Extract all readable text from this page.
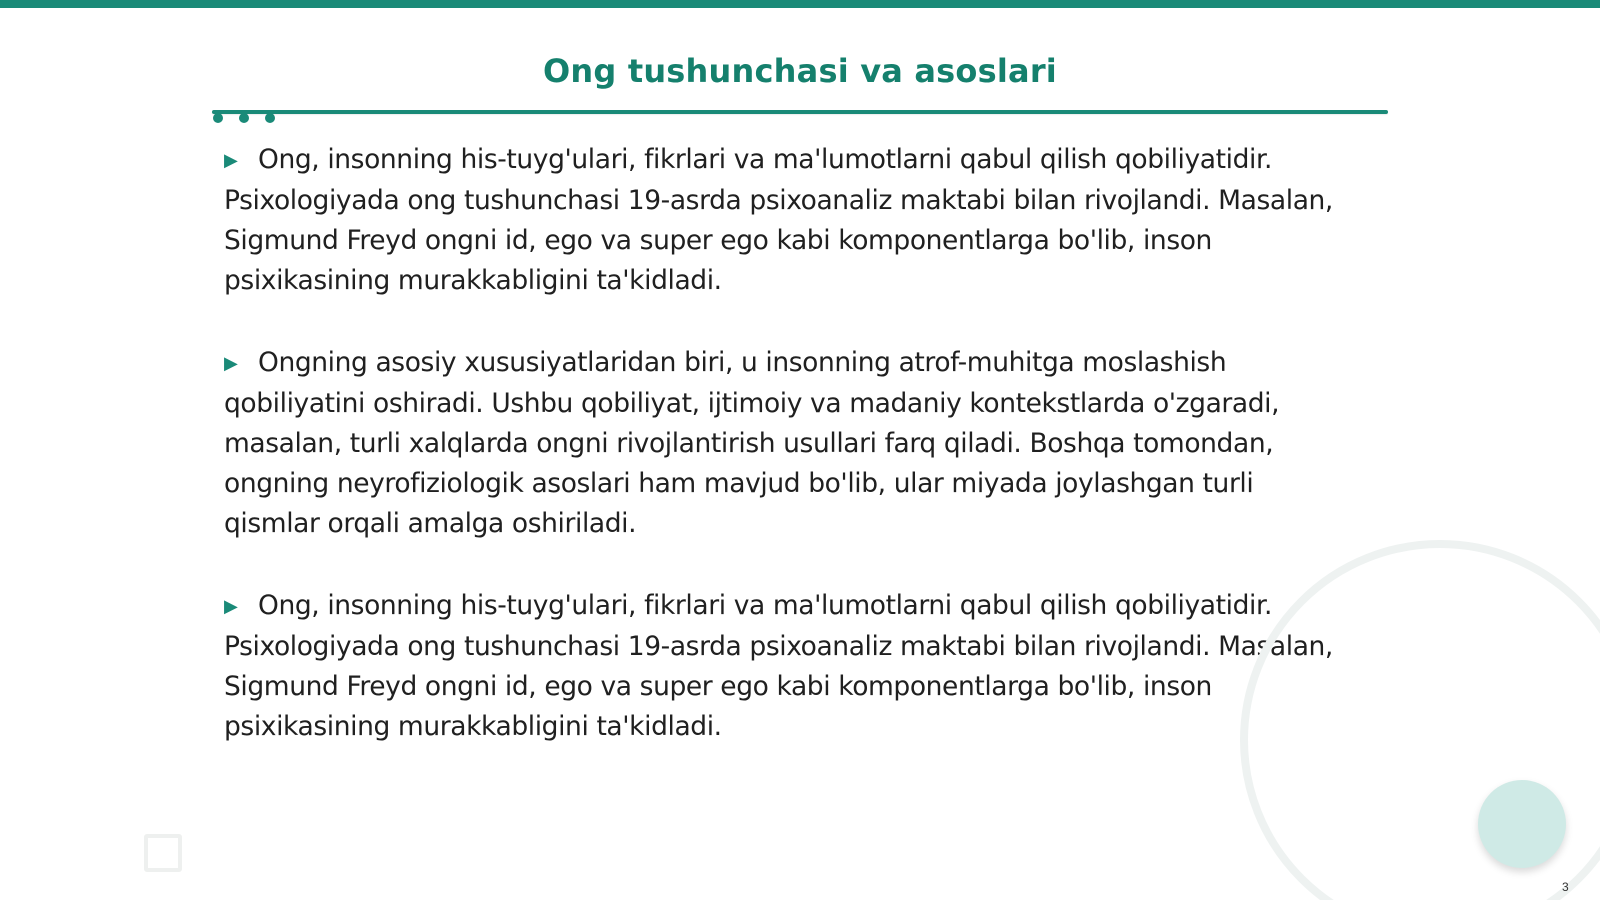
Ong tushunchasi va asoslari

▶ Ong, insonning his-tuyg'ulari, fikrlari va ma'lumotlarni qabul qilish qobiliyatidir. Psixologiyada ong tushunchasi 19-asrda psixoanaliz maktabi bilan rivojlandi. Masalan, Sigmund Freyd ongni id, ego va super ego kabi komponentlarga bo'lib, inson psixikasining murakkabligini ta'kidladi.

▶ Ongning asosiy xususiyatlaridan biri, u insonning atrof-muhitga moslashish qobiliyatini oshiradi. Ushbu qobiliyat, ijtimoiy va madaniy kontekstlarda o'zgaradi, masalan, turli xalqlarda ongni rivojlantirish usullari farq qiladi. Boshqa tomondan, ongning neyrofiziologik asoslari ham mavjud bo'lib, ular miyada joylashgan turli qismlar orqali amalga oshiriladi.

▶ Ong, insonning his-tuyg'ulari, fikrlari va ma'lumotlarni qabul qilish qobiliyatidir. Psixologiyada ong tushunchasi 19-asrda psixoanaliz maktabi bilan rivojlandi. Masalan, Sigmund Freyd ongni id, ego va super ego kabi komponentlarga bo'lib, inson psixikasining murakkabligini ta'kidladi.

3
